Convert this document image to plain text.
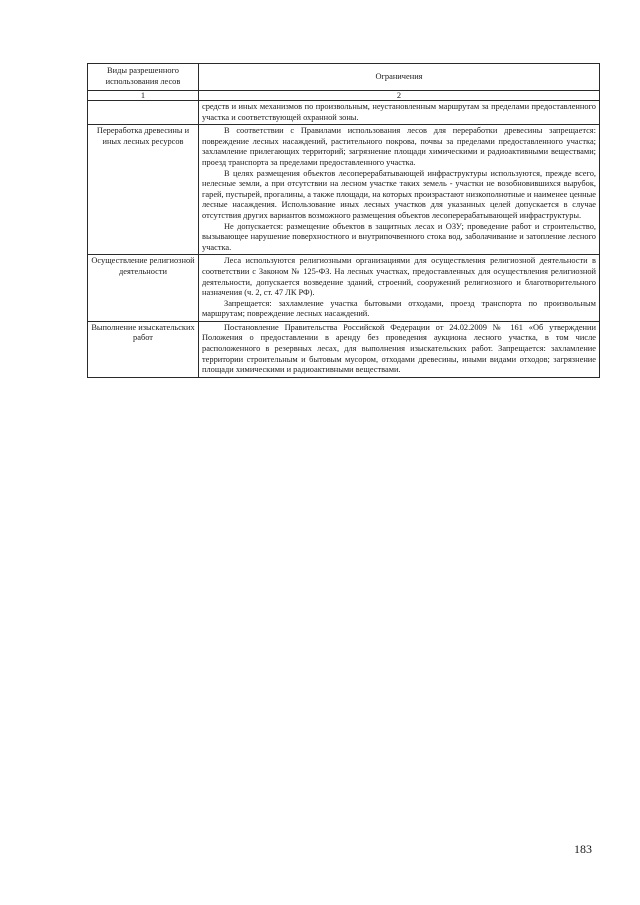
Виды разрешенного использования лесов	Ограничения
1	2

	средств и иных механизмов по произвольным, неустановленным маршрутам за пределами предоставленного участка и соответствующей охранной зоны.

Переработка древесины и иных лесных ресурсов	В соответствии с Правилами использования лесов для переработки древесины запрещается: повреждение лесных насаждений, растительного покрова, почвы за пределами предоставленного участка; захламление прилегающих территорий; загрязнение площади химическими и радиоактивными веществами; проезд транспорта за пределами предоставленного участка.

В целях размещения объектов лесоперерабатывающей инфраструктуры используются, прежде всего, нелесные земли, а при отсутствии на лесном участке таких земель - участки не возобновившихся вырубок, гарей, пустырей, прогалины, а также площади, на которых произрастают низкополнотные и наименее ценные лесные насаждения. Использование иных лесных участков для указанных целей допускается в случае отсутствия других вариантов возможного размещения объектов лесоперерабатывающей инфраструктуры.

Не допускается: размещение объектов в защитных лесах и ОЗУ; проведение работ и строительство, вызывающее нарушение поверхностного и внутрипочвенного стока вод, заболачивание и затопление лесного участка.

Осуществление религиозной деятельности	Леса используются религиозными организациями для осуществления религиозной деятельности в соответствии с Законом № 125-ФЗ. На лесных участках, предоставленных для осуществления религиозной деятельности, допускается возведение зданий, строений, сооружений религиозного и благотворительного назначения (ч. 2, ст. 47 ЛК РФ).

Запрещается: захламление участка бытовыми отходами, проезд транспорта по произвольным маршрутам; повреждение лесных насаждений.

Выполнение изыскательских работ	Постановление Правительства Российской Федерации от 24.02.2009 № 161 «Об утверждении Положения о предоставлении в аренду без проведения аукциона лесного участка, в том числе расположенного в резервных лесах, для выполнения изыскательских работ. Запрещается: захламление территории строительным и бытовым мусором, отходами древесины, иными видами отходов; загрязнение площади химическими и радиоактивными веществами.

183
